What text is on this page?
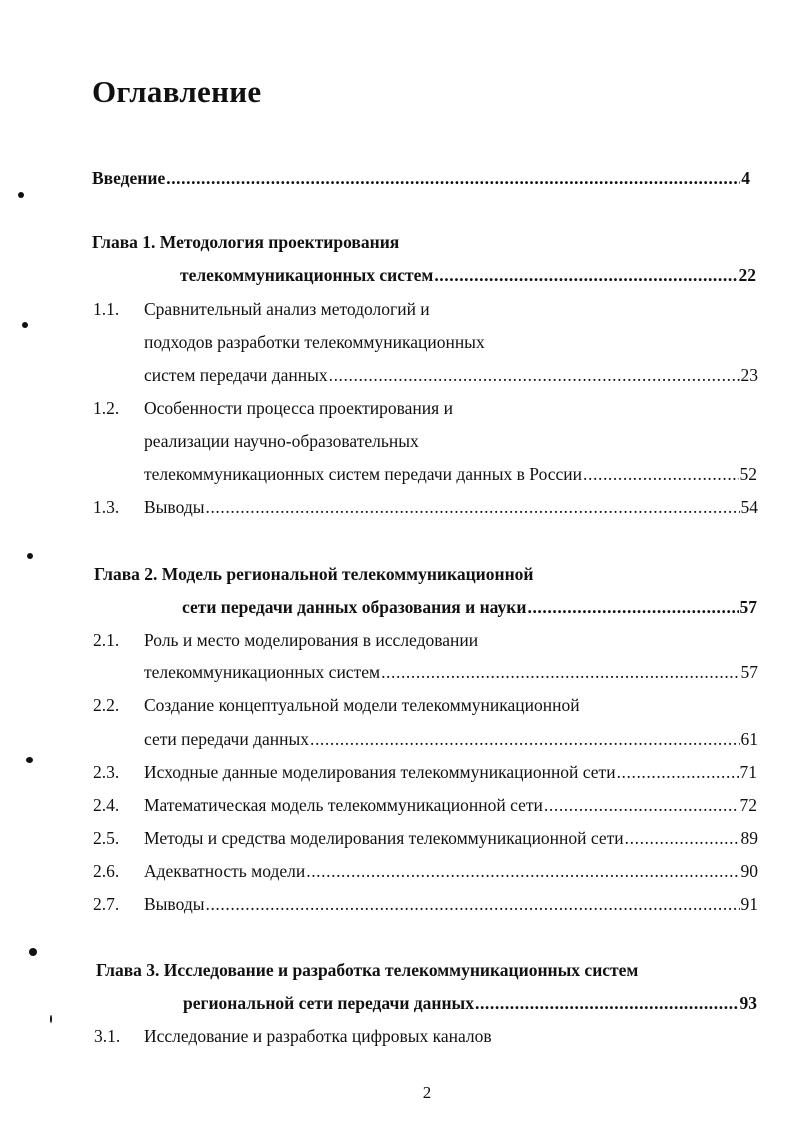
Оглавление
Введение .....	4
Глава 1. Методология проектирования
телекоммуникационных систем .....	22
1.1. Сравнительный анализ методологий и
подходов разработки телекоммуникационных
систем передачи данных .....	23
1.2. Особенности процесса проектирования и
реализации научно-образовательных
телекоммуникационных систем передачи данных в России .....	52
1.3. Выводы .....	54
Глава 2. Модель региональной телекоммуникационной
сети передачи данных образования и науки .....	57
2.1. Роль и место моделирования в исследовании
телекоммуникационных систем .....	57
2.2. Создание концептуальной модели телекоммуникационной
сети передачи данных .....	61
2.3. Исходные данные моделирования телекоммуникационной сети .....	71
2.4. Математическая модель телекоммуникационной сети .....	72
2.5. Методы и средства моделирования телекоммуникационной сети .....	89
2.6. Адекватность модели .....	90
2.7. Выводы .....	91
Глава 3. Исследование и разработка телекоммуникационных систем
региональной сети передачи данных .....	93
3.1. Исследование и разработка цифровых каналов
2
